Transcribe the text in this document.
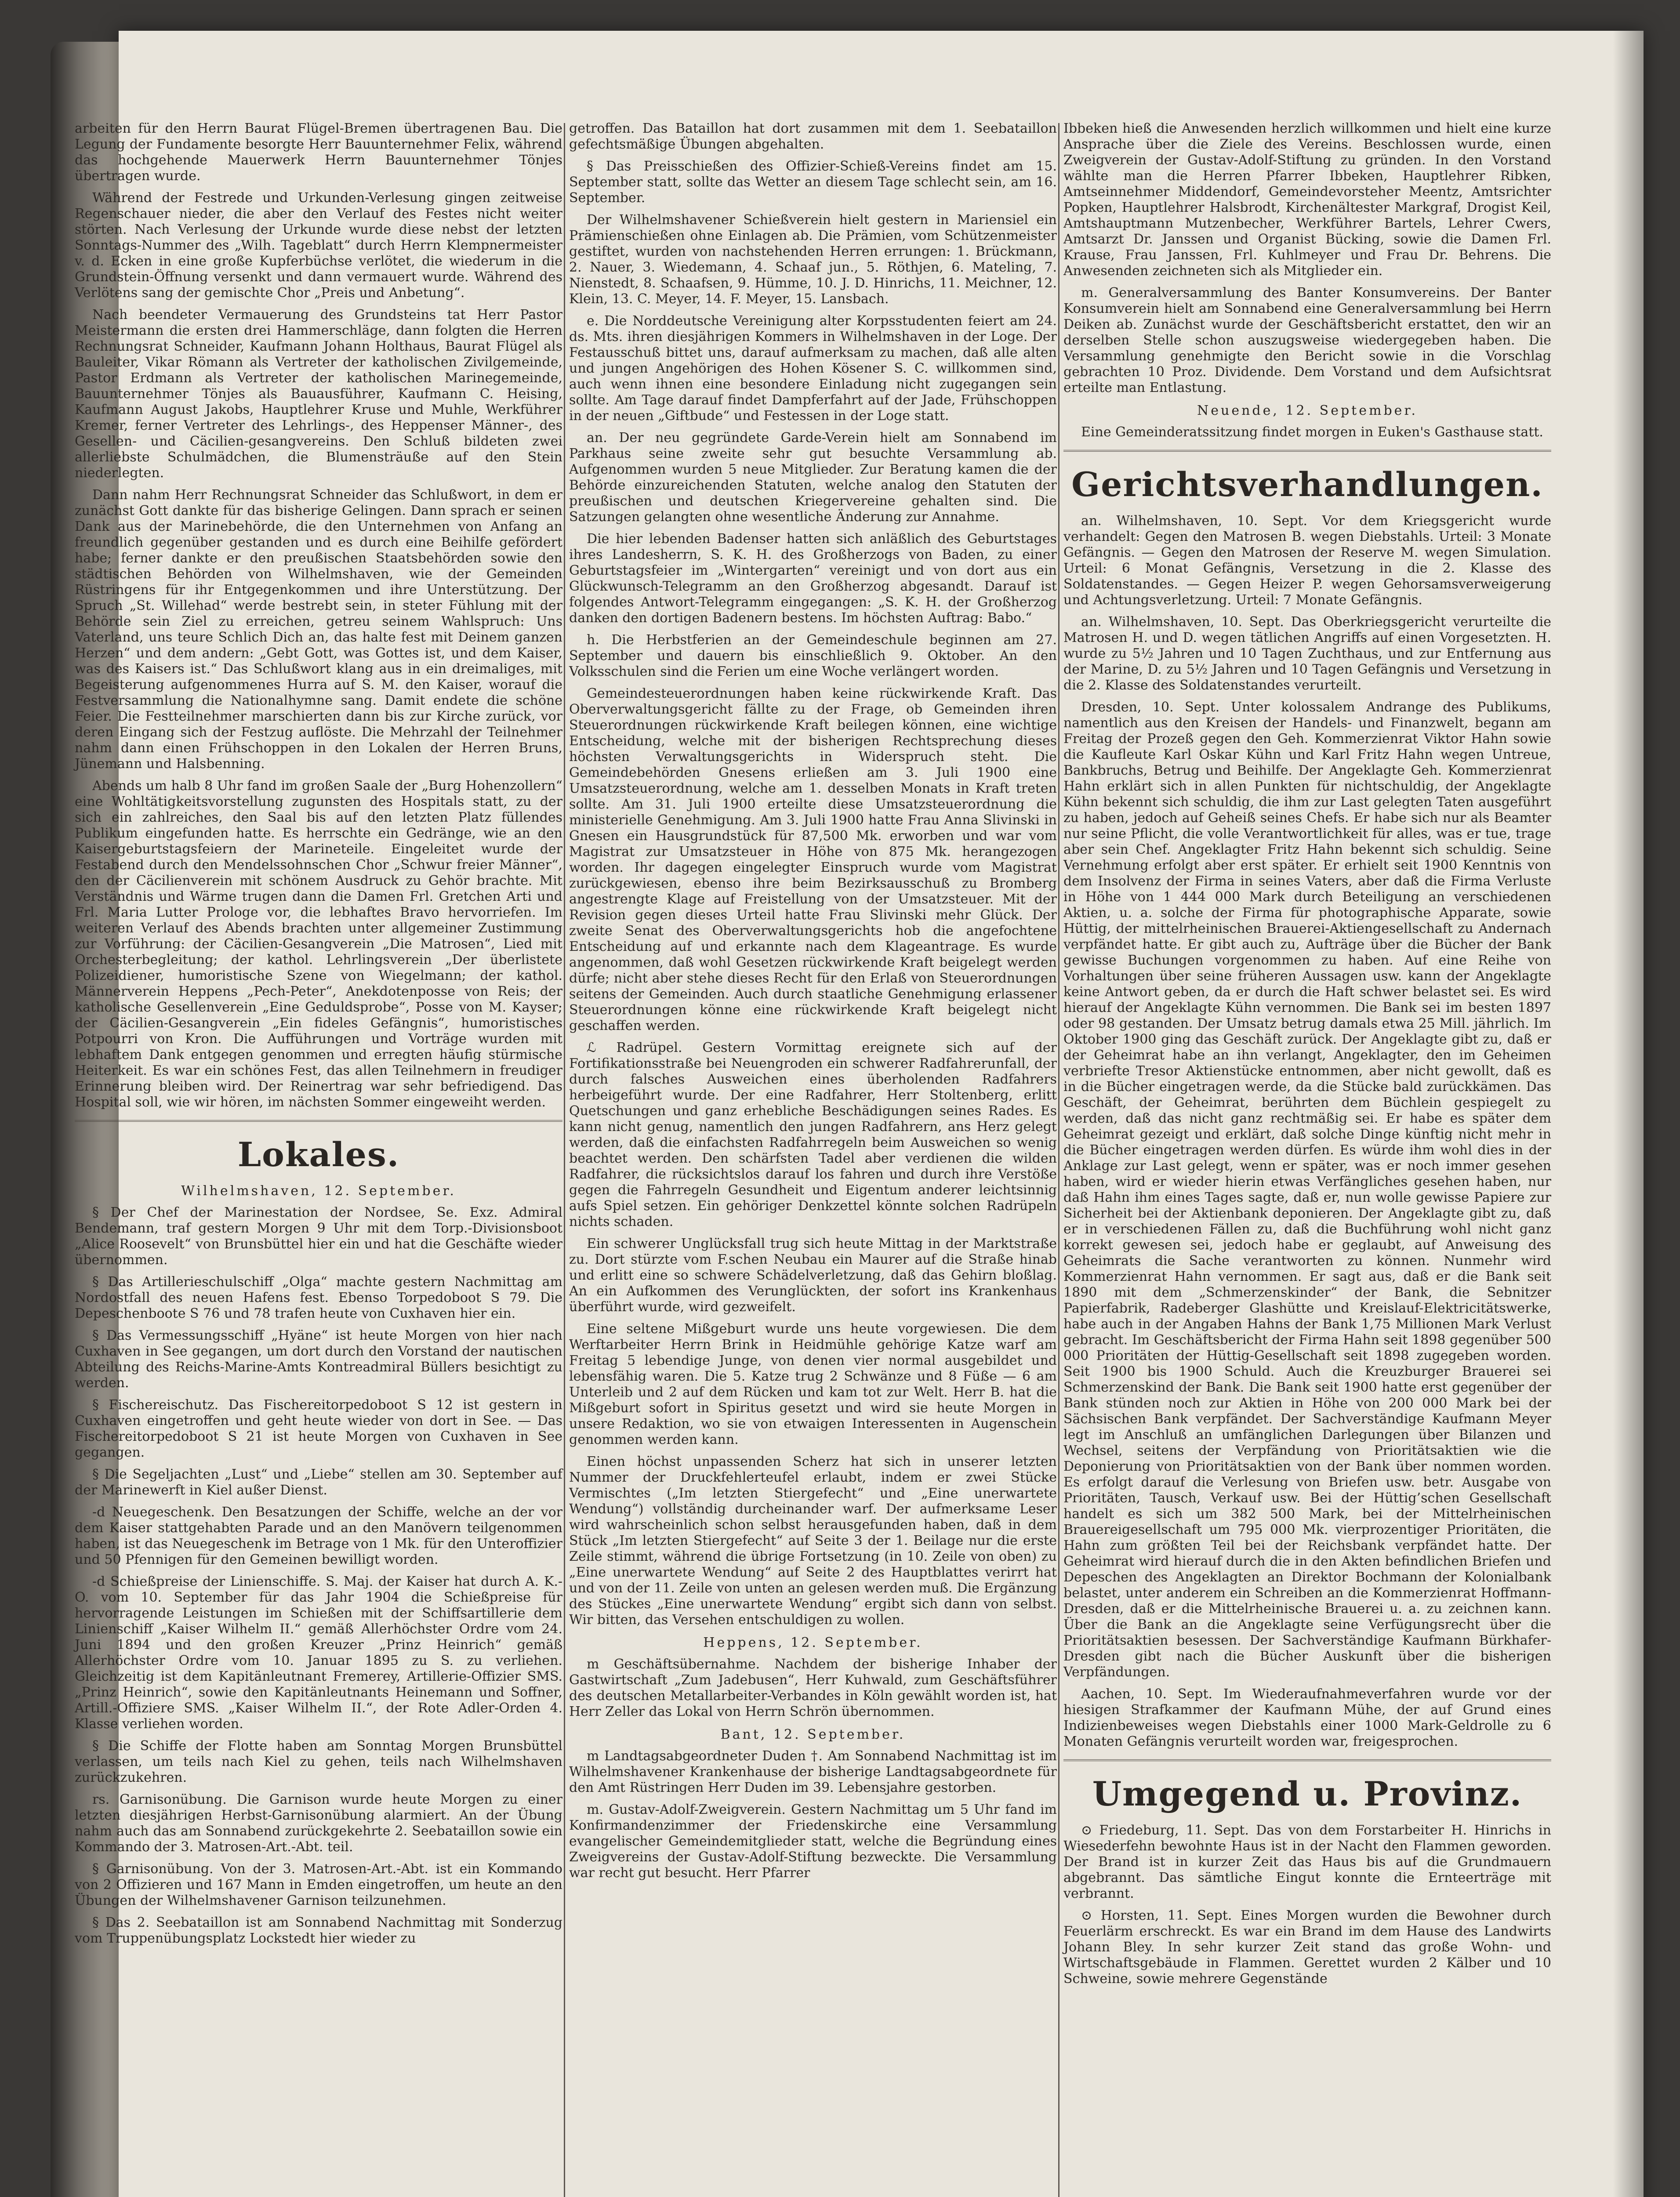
arbeiten für den Herrn Baurat Flügel-Bremen übertragenen Bau. Die Legung der Fundamente besorgte Herr Bauunternehmer Felix, während das hochgehende Mauerwerk Herrn Bauunternehmer Tönjes übertragen wurde.

Während der Festrede und Urkunden-Verlesung gingen zeitweise Regenschauer nieder, die aber den Verlauf des Festes nicht weiter störten. Nach Verlesung der Urkunde wurde diese nebst der letzten Sonntags-Nummer des „Wilh. Tageblatt“ durch Herrn Klempnermeister v. d. Ecken in eine große Kupferbüchse verlötet, die wiederum in die Grundstein-Öffnung versenkt und dann vermauert wurde. Während des Verlötens sang der gemischte Chor „Preis und Anbetung“.

Nach beendeter Vermauerung des Grundsteins tat Herr Pastor Meistermann die ersten drei Hammerschläge, dann folgten die Herren Rechnungsrat Schneider, Kaufmann Johann Holthaus, Baurat Flügel als Bauleiter, Vikar Römann als Vertreter der katholischen Zivilgemeinde, Pastor Erdmann als Vertreter der katholischen Marinegemeinde, Bauunternehmer Tönjes als Bauausführer, Kaufmann C. Heising, Kaufmann August Jakobs, Hauptlehrer Kruse und Muhle, Werkführer Kremer, ferner Vertreter des Lehrlings-, des Heppenser Männer-, des Gesellen- und Cäcilien-gesangvereins. Den Schluß bildeten zwei allerliebste Schulmädchen, die Blumensträuße auf den Stein niederlegten.

Dann nahm Herr Rechnungsrat Schneider das Schlußwort, in dem er zunächst Gott dankte für das bisherige Gelingen. Dann sprach er seinen Dank aus der Marinebehörde, die den Unternehmen von Anfang an freundlich gegenüber gestanden und es durch eine Beihilfe gefördert habe; ferner dankte er den preußischen Staatsbehörden sowie den städtischen Behörden von Wilhelmshaven, wie der Gemeinden Rüstringens für ihr Entgegenkommen und ihre Unterstützung. Der Spruch „St. Willehad“ werde bestrebt sein, in steter Fühlung mit der Behörde sein Ziel zu erreichen, getreu seinem Wahlspruch: Uns Vaterland, uns teure Schlich Dich an, das halte fest mit Deinem ganzen Herzen“ und dem andern: „Gebt Gott, was Gottes ist, und dem Kaiser, was des Kaisers ist.“ Das Schlußwort klang aus in ein dreimaliges, mit Begeisterung aufgenommenes Hurra auf S. M. den Kaiser, worauf die Festversammlung die Nationalhymne sang. Damit endete die schöne Feier. Die Festteilnehmer marschierten dann bis zur Kirche zurück, vor deren Eingang sich der Festzug auflöste. Die Mehrzahl der Teilnehmer nahm dann einen Frühschoppen in den Lokalen der Herren Bruns, Jünemann und Halsbenning.

Abends um halb 8 Uhr fand im großen Saale der „Burg Hohenzollern“ eine Wohltätigkeitsvorstellung zugunsten des Hospitals statt, zu der sich ein zahlreiches, den Saal bis auf den letzten Platz füllendes Publikum eingefunden hatte. Es herrschte ein Gedränge, wie an den Kaisergeburtstagsfeiern der Marineteile. Eingeleitet wurde der Festabend durch den Mendelssohnschen Chor „Schwur freier Männer“, den der Cäcilienverein mit schönem Ausdruck zu Gehör brachte. Mit Verständnis und Wärme trugen dann die Damen Frl. Gretchen Arti und Frl. Maria Lutter Prologe vor, die lebhaftes Bravo hervorriefen. Im weiteren Verlauf des Abends brachten unter allgemeiner Zustimmung zur Vorführung: der Cäcilien-Gesangverein „Die Matrosen“, Lied mit Orchesterbegleitung; der kathol. Lehrlingsverein „Der überlistete Polizeidiener, humoristische Szene von Wiegelmann; der kathol. Männerverein Heppens „Pech-Peter“, Anekdotenposse von Reis; der katholische Gesellenverein „Eine Geduldsprobe“, Posse von M. Kayser; der Cäcilien-Gesangverein „Ein fideles Gefängnis“, humoristisches Potpourri von Kron. Die Aufführungen und Vorträge wurden mit lebhaftem Dank entgegen genommen und erregten häufig stürmische Heiterkeit. Es war ein schönes Fest, das allen Teilnehmern in freudiger Erinnerung bleiben wird. Der Reinertrag war sehr befriedigend. Das Hospital soll, wie wir hören, im nächsten Sommer eingeweiht werden.

Lokales.
Wilhelmshaven, 12. September.

§ Der Chef der Marinestation der Nordsee, Se. Exz. Admiral Bendemann, traf gestern Morgen 9 Uhr mit dem Torp.-Divisionsboot „Alice Roosevelt“ von Brunsbüttel hier ein und hat die Geschäfte wieder übernommen.

§ Das Artillerieschulschiff „Olga“ machte gestern Nachmittag am Nordostfall des neuen Hafens fest. Ebenso Torpedoboot S 79. Die Depeschenboote S 76 und 78 trafen heute von Cuxhaven hier ein.

§ Das Vermessungsschiff „Hyäne“ ist heute Morgen von hier nach Cuxhaven in See gegangen, um dort durch den Vorstand der nautischen Abteilung des Reichs-Marine-Amts Kontreadmiral Büllers besichtigt zu werden.

§ Fischereischutz. Das Fischereitorpedoboot S 12 ist gestern in Cuxhaven eingetroffen und geht heute wieder von dort in See. — Das Fischereitorpedoboot S 21 ist heute Morgen von Cuxhaven in See gegangen.

§ Die Segeljachten „Lust“ und „Liebe“ stellen am 30. September auf der Marinewerft in Kiel außer Dienst.

-d Neuegeschenk. Den Besatzungen der Schiffe, welche an der vor dem Kaiser stattgehabten Parade und an den Manövern teilgenommen haben, ist das Neuegeschenk im Betrage von 1 Mk. für den Unteroffizier und 50 Pfennigen für den Gemeinen bewilligt worden.

-d Schießpreise der Linienschiffe. S. Maj. der Kaiser hat durch A. K.-O. vom 10. September für das Jahr 1904 die Schießpreise für hervorragende Leistungen im Schießen mit der Schiffsartillerie dem Linienschiff „Kaiser Wilhelm II.“ gemäß Allerhöchster Ordre vom 24. Juni 1894 und den großen Kreuzer „Prinz Heinrich“ gemäß Allerhöchster Ordre vom 10. Januar 1895 zu S. zu verliehen. Gleichzeitig ist dem Kapitänleutnant Fremerey, Artillerie-Offizier SMS. „Prinz Heinrich“, sowie den Kapitänleutnants Heinemann und Soffner, Artill.-Offiziere SMS. „Kaiser Wilhelm II.“, der Rote Adler-Orden 4. Klasse verliehen worden.

§ Die Schiffe der Flotte haben am Sonntag Morgen Brunsbüttel verlassen, um teils nach Kiel zu gehen, teils nach Wilhelmshaven zurückzukehren.

rs. Garnisonübung. Die Garnison wurde heute Morgen zu einer letzten diesjährigen Herbst-Garnisonübung alarmiert. An der Übung nahm auch das am Sonnabend zurückgekehrte 2. Seebataillon sowie ein Kommando der 3. Matrosen-Art.-Abt. teil.

§ Garnisonübung. Von der 3. Matrosen-Art.-Abt. ist ein Kommando von 2 Offizieren und 167 Mann in Emden eingetroffen, um heute an den Übungen der Wilhelmshavener Garnison teilzunehmen.

§ Das 2. Seebataillon ist am Sonnabend Nachmittag mit Sonderzug vom Truppenübungsplatz Lockstedt hier wieder zu

getroffen. Das Bataillon hat dort zusammen mit dem 1. Seebataillon gefechtsmäßige Übungen abgehalten.

§ Das Preisschießen des Offizier-Schieß-Vereins findet am 15. September statt, sollte das Wetter an diesem Tage schlecht sein, am 16. September.

Der Wilhelmshavener Schießverein hielt gestern in Mariensiel ein Prämienschießen ohne Einlagen ab. Die Prämien, vom Schützenmeister gestiftet, wurden von nachstehenden Herren errungen: 1. Brückmann, 2. Nauer, 3. Wiedemann, 4. Schaaf jun., 5. Röthjen, 6. Mateling, 7. Nienstedt, 8. Schaafsen, 9. Hümme, 10. J. D. Hinrichs, 11. Meichner, 12. Klein, 13. C. Meyer, 14. F. Meyer, 15. Lansbach.

e. Die Norddeutsche Vereinigung alter Korpsstudenten feiert am 24. ds. Mts. ihren diesjährigen Kommers in Wilhelmshaven in der Loge. Der Festausschuß bittet uns, darauf aufmerksam zu machen, daß alle alten und jungen Angehörigen des Hohen Kösener S. C. willkommen sind, auch wenn ihnen eine besondere Einladung nicht zugegangen sein sollte. Am Tage darauf findet Dampferfahrt auf der Jade, Frühschoppen in der neuen „Giftbude“ und Festessen in der Loge statt.

an. Der neu gegründete Garde-Verein hielt am Sonnabend im Parkhaus seine zweite sehr gut besuchte Versammlung ab. Aufgenommen wurden 5 neue Mitglieder. Zur Beratung kamen die der Behörde einzureichenden Statuten, welche analog den Statuten der preußischen und deutschen Kriegervereine gehalten sind. Die Satzungen gelangten ohne wesentliche Änderung zur Annahme.

Die hier lebenden Badenser hatten sich anläßlich des Geburtstages ihres Landesherrn, S. K. H. des Großherzogs von Baden, zu einer Geburtstagsfeier im „Wintergarten“ vereinigt und von dort aus ein Glückwunsch-Telegramm an den Großherzog abgesandt. Darauf ist folgendes Antwort-Telegramm eingegangen: „S. K. H. der Großherzog danken den dortigen Badenern bestens. Im höchsten Auftrag: Babo.“

h. Die Herbstferien an der Gemeindeschule beginnen am 27. September und dauern bis einschließlich 9. Oktober. An den Volksschulen sind die Ferien um eine Woche verlängert worden.

Gemeindesteuerordnungen haben keine rückwirkende Kraft. Das Oberverwaltungsgericht fällte zu der Frage, ob Gemeinden ihren Steuerordnungen rückwirkende Kraft beilegen können, eine wichtige Entscheidung, welche mit der bisherigen Rechtsprechung dieses höchsten Verwaltungsgerichts in Widerspruch steht. Die Gemeindebehörden Gnesens erließen am 3. Juli 1900 eine Umsatzsteuerordnung, welche am 1. desselben Monats in Kraft treten sollte. Am 31. Juli 1900 erteilte diese Umsatzsteuerordnung die ministerielle Genehmigung. Am 3. Juli 1900 hatte Frau Anna Slivinski in Gnesen ein Hausgrundstück für 87,500 Mk. erworben und war vom Magistrat zur Umsatzsteuer in Höhe von 875 Mk. herangezogen worden. Ihr dagegen eingelegter Einspruch wurde vom Magistrat zurückgewiesen, ebenso ihre beim Bezirksausschuß zu Bromberg angestrengte Klage auf Freistellung von der Umsatzsteuer. Mit der Revision gegen dieses Urteil hatte Frau Slivinski mehr Glück. Der zweite Senat des Oberverwaltungsgerichts hob die angefochtene Entscheidung auf und erkannte nach dem Klageantrage. Es wurde angenommen, daß wohl Gesetzen rückwirkende Kraft beigelegt werden dürfe; nicht aber stehe dieses Recht für den Erlaß von Steuerordnungen seitens der Gemeinden. Auch durch staatliche Genehmigung erlassener Steuerordnungen könne eine rückwirkende Kraft beigelegt nicht geschaffen werden.

ℒ Radrüpel. Gestern Vormittag ereignete sich auf der Fortifikationsstraße bei Neuengroden ein schwerer Radfahrerunfall, der durch falsches Ausweichen eines überholenden Radfahrers herbeigeführt wurde. Der eine Radfahrer, Herr Stoltenberg, erlitt Quetschungen und ganz erhebliche Beschädigungen seines Rades. Es kann nicht genug, namentlich den jungen Radfahrern, ans Herz gelegt werden, daß die einfachsten Radfahrregeln beim Ausweichen so wenig beachtet werden. Den schärfsten Tadel aber verdienen die wilden Radfahrer, die rücksichtslos darauf los fahren und durch ihre Verstöße gegen die Fahrregeln Gesundheit und Eigentum anderer leichtsinnig aufs Spiel setzen. Ein gehöriger Denkzettel könnte solchen Radrüpeln nichts schaden.

Ein schwerer Unglücksfall trug sich heute Mittag in der Marktstraße zu. Dort stürzte vom F.schen Neubau ein Maurer auf die Straße hinab und erlitt eine so schwere Schädelverletzung, daß das Gehirn bloßlag. An ein Aufkommen des Verunglückten, der sofort ins Krankenhaus überführt wurde, wird gezweifelt.

Eine seltene Mißgeburt wurde uns heute vorgewiesen. Die dem Werftarbeiter Herrn Brink in Heidmühle gehörige Katze warf am Freitag 5 lebendige Junge, von denen vier normal ausgebildet und lebensfähig waren. Die 5. Katze trug 2 Schwänze und 8 Füße — 6 am Unterleib und 2 auf dem Rücken und kam tot zur Welt. Herr B. hat die Mißgeburt sofort in Spiritus gesetzt und wird sie heute Morgen in unsere Redaktion, wo sie von etwaigen Interessenten in Augenschein genommen werden kann.

Einen höchst unpassenden Scherz hat sich in unserer letzten Nummer der Druckfehlerteufel erlaubt, indem er zwei Stücke Vermischtes („Im letzten Stiergefecht“ und „Eine unerwartete Wendung“) vollständig durcheinander warf. Der aufmerksame Leser wird wahrscheinlich schon selbst herausgefunden haben, daß in dem Stück „Im letzten Stiergefecht“ auf Seite 3 der 1. Beilage nur die erste Zeile stimmt, während die übrige Fortsetzung (in 10. Zeile von oben) zu „Eine unerwartete Wendung“ auf Seite 2 des Hauptblattes verirrt hat und von der 11. Zeile von unten an gelesen werden muß. Die Ergänzung des Stückes „Eine unerwartete Wendung“ ergibt sich dann von selbst. Wir bitten, das Versehen entschuldigen zu wollen.

Heppens, 12. September.

m Geschäftsübernahme. Nachdem der bisherige Inhaber der Gastwirtschaft „Zum Jadebusen“, Herr Kuhwald, zum Geschäftsführer des deutschen Metallarbeiter-Verbandes in Köln gewählt worden ist, hat Herr Zeller das Lokal von Herrn Schrön übernommen.

Bant, 12. September.

m Landtagsabgeordneter Duden †. Am Sonnabend Nachmittag ist im Wilhelmshavener Krankenhause der bisherige Landtagsabgeordnete für den Amt Rüstringen Herr Duden im 39. Lebensjahre gestorben.

m. Gustav-Adolf-Zweigverein. Gestern Nachmittag um 5 Uhr fand im Konfirmandenzimmer der Friedenskirche eine Versammlung evangelischer Gemeindemitglieder statt, welche die Begründung eines Zweigvereins der Gustav-Adolf-Stiftung bezweckte. Die Versammlung war recht gut besucht. Herr Pfarrer

Ibbeken hieß die Anwesenden herzlich willkommen und hielt eine kurze Ansprache über die Ziele des Vereins. Beschlossen wurde, einen Zweigverein der Gustav-Adolf-Stiftung zu gründen. In den Vorstand wählte man die Herren Pfarrer Ibbeken, Hauptlehrer Ribken, Amtseinnehmer Middendorf, Gemeindevorsteher Meentz, Amtsrichter Popken, Hauptlehrer Halsbrodt, Kirchenältester Markgraf, Drogist Keil, Amtshauptmann Mutzenbecher, Werkführer Bartels, Lehrer Cwers, Amtsarzt Dr. Janssen und Organist Bücking, sowie die Damen Frl. Krause, Frau Janssen, Frl. Kuhlmeyer und Frau Dr. Behrens. Die Anwesenden zeichneten sich als Mitglieder ein.

m. Generalversammlung des Banter Konsumvereins. Der Banter Konsumverein hielt am Sonnabend eine Generalversammlung bei Herrn Deiken ab. Zunächst wurde der Geschäftsbericht erstattet, den wir an derselben Stelle schon auszugsweise wiedergegeben haben. Die Versammlung genehmigte den Bericht sowie in die Vorschlag gebrachten 10 Proz. Dividende. Dem Vorstand und dem Aufsichtsrat erteilte man Entlastung.

Neuende, 12. September.

Eine Gemeinderatssitzung findet morgen in Euken's Gasthause statt.

Gerichtsverhandlungen.

an. Wilhelmshaven, 10. Sept. Vor dem Kriegsgericht wurde verhandelt: Gegen den Matrosen B. wegen Diebstahls. Urteil: 3 Monate Gefängnis. — Gegen den Matrosen der Reserve M. wegen Simulation. Urteil: 6 Monat Gefängnis, Versetzung in die 2. Klasse des Soldatenstandes. — Gegen Heizer P. wegen Gehorsamsverweigerung und Achtungsverletzung. Urteil: 7 Monate Gefängnis.

an. Wilhelmshaven, 10. Sept. Das Oberkriegsgericht verurteilte die Matrosen H. und D. wegen tätlichen Angriffs auf einen Vorgesetzten. H. wurde zu 5½ Jahren und 10 Tagen Zuchthaus, und zur Entfernung aus der Marine, D. zu 5½ Jahren und 10 Tagen Gefängnis und Versetzung in die 2. Klasse des Soldatenstandes verurteilt.

Dresden, 10. Sept. Unter kolossalem Andrange des Publikums, namentlich aus den Kreisen der Handels- und Finanzwelt, begann am Freitag der Prozeß gegen den Geh. Kommerzienrat Viktor Hahn sowie die Kaufleute Karl Oskar Kühn und Karl Fritz Hahn wegen Untreue, Bankbruchs, Betrug und Beihilfe. Der Angeklagte Geh. Kommerzienrat Hahn erklärt sich in allen Punkten für nichtschuldig, der Angeklagte Kühn bekennt sich schuldig, die ihm zur Last gelegten Taten ausgeführt zu haben, jedoch auf Geheiß seines Chefs. Er habe sich nur als Beamter nur seine Pflicht, die volle Verantwortlichkeit für alles, was er tue, trage aber sein Chef. Angeklagter Fritz Hahn bekennt sich schuldig. Seine Vernehmung erfolgt aber erst später. Er erhielt seit 1900 Kenntnis von dem Insolvenz der Firma in seines Vaters, aber daß die Firma Verluste in Höhe von 1 444 000 Mark durch Beteiligung an verschiedenen Aktien, u. a. solche der Firma für photographische Apparate, sowie Hüttig, der mittelrheinischen Brauerei-Aktiengesellschaft zu Andernach verpfändet hatte. Er gibt auch zu, Aufträge über die Bücher der Bank gewisse Buchungen vorgenommen zu haben. Auf eine Reihe von Vorhaltungen über seine früheren Aussagen usw. kann der Angeklagte keine Antwort geben, da er durch die Haft schwer belastet sei. Es wird hierauf der Angeklagte Kühn vernommen. Die Bank sei im besten 1897 oder 98 gestanden. Der Umsatz betrug damals etwa 25 Mill. jährlich. Im Oktober 1900 ging das Geschäft zurück. Der Angeklagte gibt zu, daß er der Geheimrat habe an ihn verlangt, Angeklagter, den im Geheimen verbriefte Tresor Aktienstücke entnommen, aber nicht gewollt, daß es in die Bücher eingetragen werde, da die Stücke bald zurückkämen. Das Geschäft, der Geheimrat, berührten dem Büchlein gespiegelt zu werden, daß das nicht ganz rechtmäßig sei. Er habe es später dem Geheimrat gezeigt und erklärt, daß solche Dinge künftig nicht mehr in die Bücher eingetragen werden dürfen. Es würde ihm wohl dies in der Anklage zur Last gelegt, wenn er später, was er noch immer gesehen haben, wird er wieder hierin etwas Verfängliches gesehen haben, nur daß Hahn ihm eines Tages sagte, daß er, nun wolle gewisse Papiere zur Sicherheit bei der Aktienbank deponieren. Der Angeklagte gibt zu, daß er in verschiedenen Fällen zu, daß die Buchführung wohl nicht ganz korrekt gewesen sei, jedoch habe er geglaubt, auf Anweisung des Geheimrats die Sache verantworten zu können. Nunmehr wird Kommerzienrat Hahn vernommen. Er sagt aus, daß er die Bank seit 1890 mit dem „Schmerzenskinder“ der Bank, die Sebnitzer Papierfabrik, Radeberger Glashütte und Kreislauf-Elektricitätswerke, habe auch in der Angaben Hahns der Bank 1,75 Millionen Mark Verlust gebracht. Im Geschäftsbericht der Firma Hahn seit 1898 gegenüber 500 000 Prioritäten der Hüttig-Gesellschaft seit 1898 zugegeben worden. Seit 1900 bis 1900 Schuld. Auch die Kreuzburger Brauerei sei Schmerzenskind der Bank. Die Bank seit 1900 hatte erst gegenüber der Bank stünden noch zur Aktien in Höhe von 200 000 Mark bei der Sächsischen Bank verpfändet. Der Sachverständige Kaufmann Meyer legt im Anschluß an umfänglichen Darlegungen über Bilanzen und Wechsel, seitens der Verpfändung von Prioritätsaktien wie die Deponierung von Prioritätsaktien von der Bank über nommen worden. Es erfolgt darauf die Verlesung von Briefen usw. betr. Ausgabe von Prioritäten, Tausch, Verkauf usw. Bei der Hüttig’schen Gesellschaft handelt es sich um 382 500 Mark, bei der Mittelrheinischen Brauereigesellschaft um 795 000 Mk. vierprozentiger Prioritäten, die Hahn zum größten Teil bei der Reichsbank verpfändet hatte. Der Geheimrat wird hierauf durch die in den Akten befindlichen Briefen und Depeschen des Angeklagten an Direktor Bochmann der Kolonialbank belastet, unter anderem ein Schreiben an die Kommerzienrat Hoffmann-Dresden, daß er die Mittelrheinische Brauerei u. a. zu zeichnen kann. Über die Bank an die Angeklagte seine Verfügungsrecht über die Prioritätsaktien besessen. Der Sachverständige Kaufmann Bürkhafer-Dresden gibt nach die Bücher Auskunft über die bisherigen Verpfändungen.

Aachen, 10. Sept. Im Wiederaufnahmeverfahren wurde vor der hiesigen Strafkammer der Kaufmann Mühe, der auf Grund eines Indizienbeweises wegen Diebstahls einer 1000 Mark-Geldrolle zu 6 Monaten Gefängnis verurteilt worden war, freigesprochen.

Umgegend u. Provinz.

⊙ Friedeburg, 11. Sept. Das von dem Forstarbeiter H. Hinrichs in Wiesederfehn bewohnte Haus ist in der Nacht den Flammen geworden. Der Brand ist in kurzer Zeit das Haus bis auf die Grundmauern abgebrannt. Das sämtliche Eingut konnte die Ernteerträge mit verbrannt.

⊙ Horsten, 11. Sept. Eines Morgen wurden die Bewohner durch Feuerlärm erschreckt. Es war ein Brand im dem Hause des Landwirts Johann Bley. In sehr kurzer Zeit stand das große Wohn- und Wirtschaftsgebäude in Flammen. Gerettet wurden 2 Kälber und 10 Schweine, sowie mehrere Gegenstände
